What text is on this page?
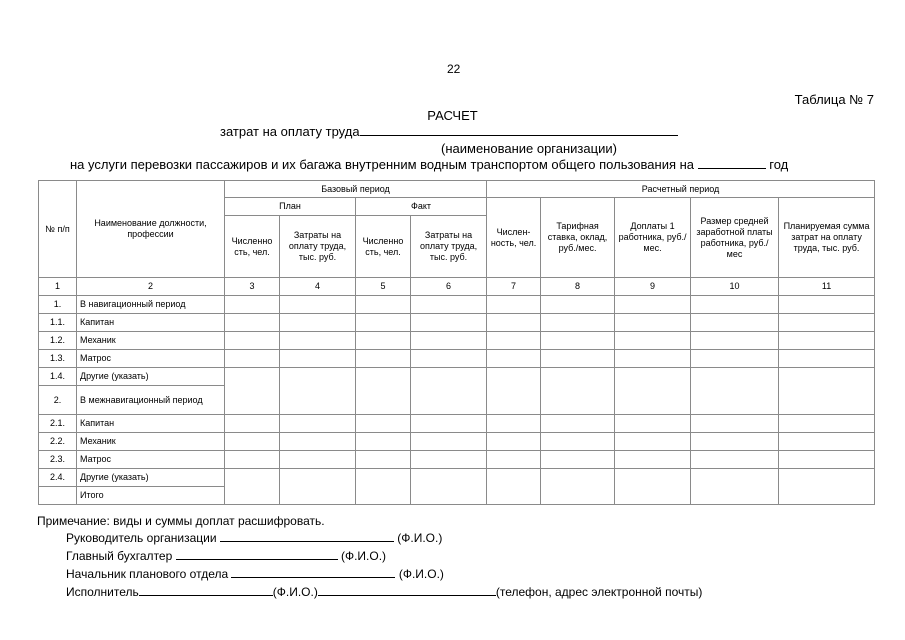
22
Таблица № 7
РАСЧЕТ
затрат на оплату труда
(наименование организации)
на услуги перевозки пассажиров и их багажа внутренним водным транспортом общего пользования на	год
№ п/п	Наименование должности, профессии	Базовый период				Расчетный период				
		План		Факт		Числен- ность, чел.	Тарифная ставка, оклад, руб./мес.	Доплаты 1 работника, руб./мес.	Размер средней заработной платы работника, руб./мес	Планируемая сумма затрат на оплату труда, тыс. руб.
		Численно сть, чел.	Затраты на оплату труда, тыс. руб.	Численно сть, чел.	Затраты на оплату труда, тыс. руб.					
1	2	3	4	5	6	7	8	9	10	11
1.	В навигационный период									
1.1.	Капитан									
1.2.	Механик									
1.3.	Матрос									
1.4.	Другие (указать)									
2.	В межнавигационный период									
2.1.	Капитан									
2.2.	Механик									
2.3.	Матрос									
2.4.	Другие (указать)									
	Итого									
Примечание: виды и суммы доплат расшифровать.
Руководитель организации	(Ф.И.О.)
Главный бухгалтер	(Ф.И.О.)
Начальник планового отдела	(Ф.И.О.)
Исполнитель	(Ф.И.О.)	(телефон, адрес электронной почты)
